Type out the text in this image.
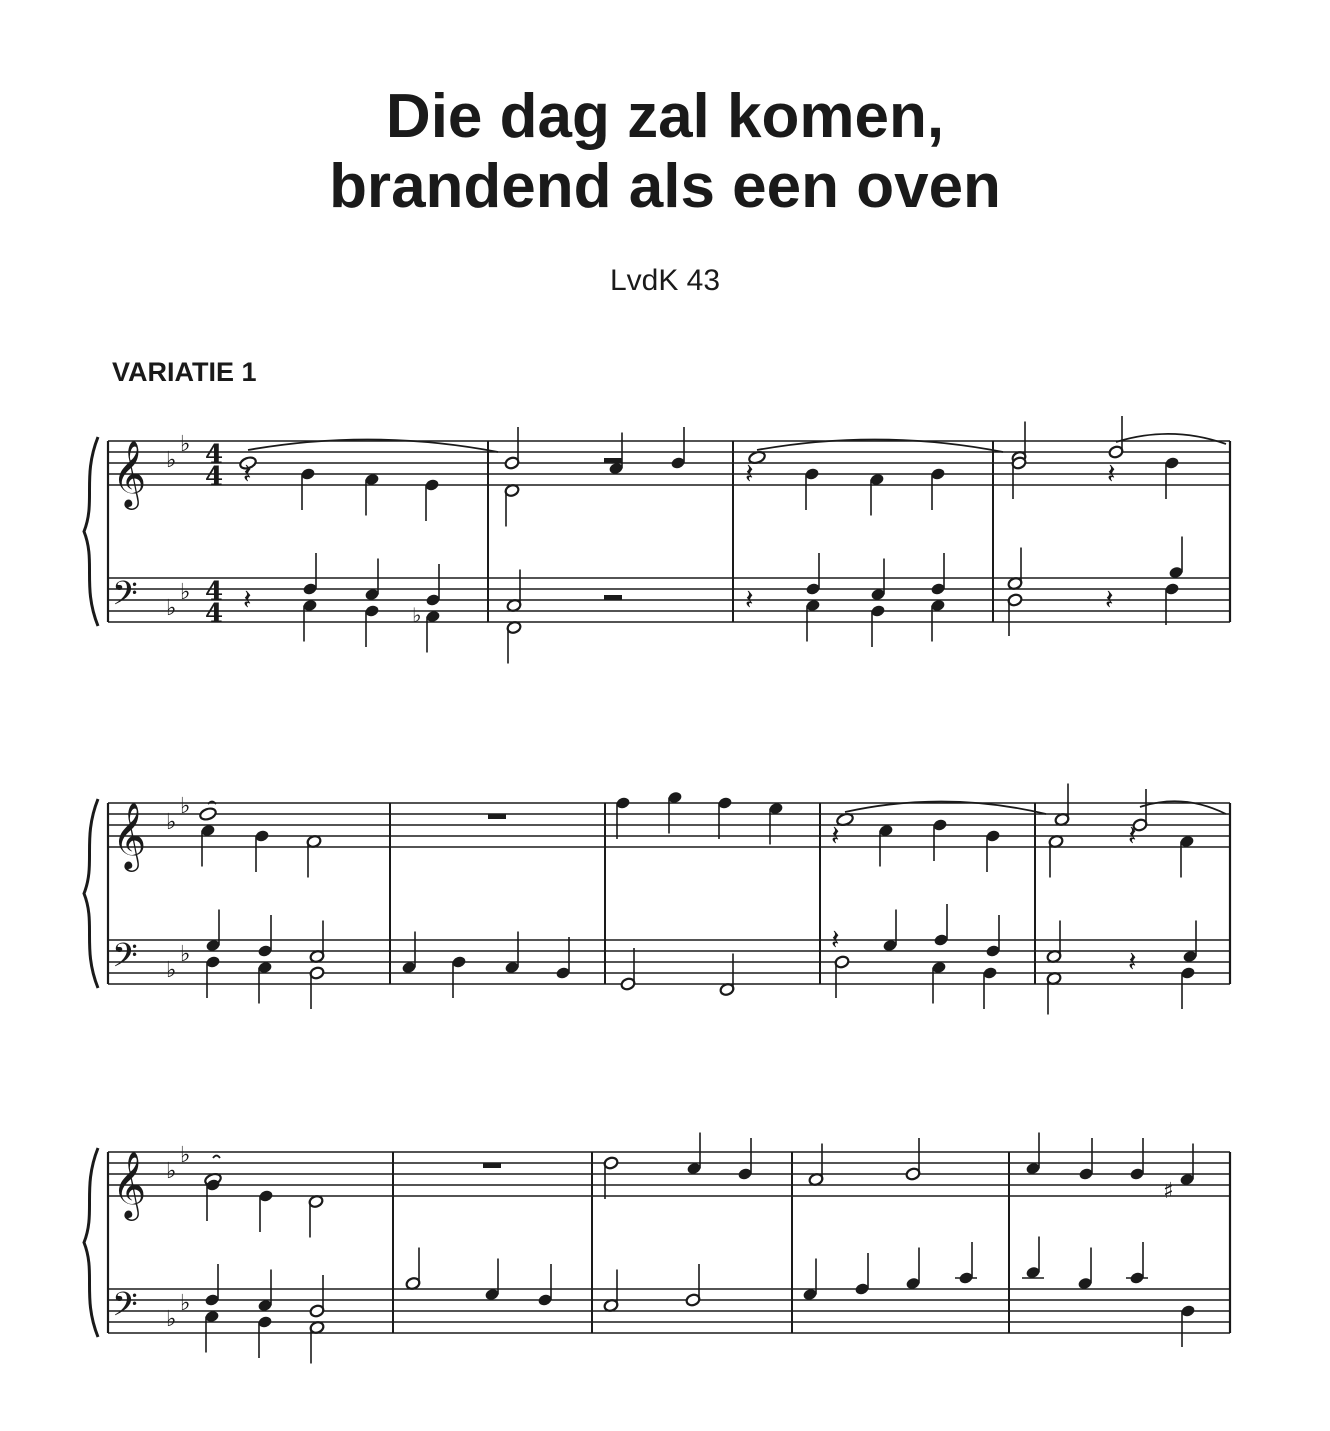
Die dag zal komen,
brandend als een oven
LvdK 43
VARIATIE 1
𝄞
𝄢
♭
♭
♭
♭
4
4
4
4
𝄽	𝄽	𝄽
𝄽	𝄽	𝄽
𝄞
𝄢
♭
♭
♭
♭
𝄽	𝄽
𝄽
𝄽
𝄞
𝄢
♭
♭
♭
♭
♭
♯
